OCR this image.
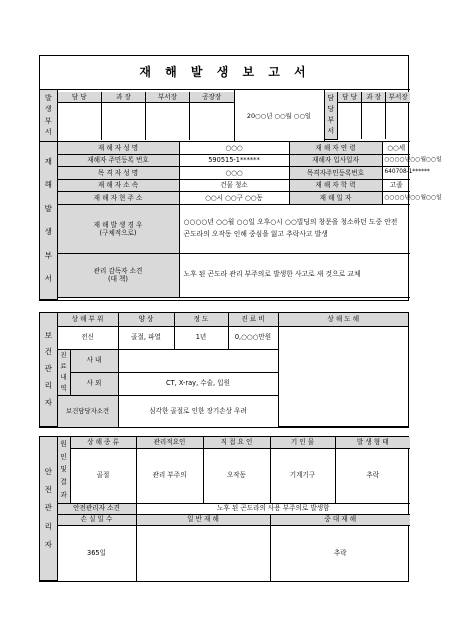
재 해 발 생 보 고 서
발생부서	
담 당	과 장	부서장	공장장

	20○○년 ○○월 ○○일	
담당부서	담 당	과 장	부서장

재해발생부서	재 해 자 성 명	○○○	재 해 자 연 령	○○세
재해자 주민등록 번호	590515-1******	재해자 입사일자	○○○○년○○월○○일
목 격 자 성 명	○○○	목격자주민등록번호	640708-1******
재 해 자 소 속	건물 청소	재 해 자 학 력	고졸
재 해 자 현 주 소	○○시 ○○구 ○○동	재 해 일 자	○○○○년○○월○○일

재 해 발 생 경 우
(구체적으로)
	○○○○년 ○○월 ○○일 오후○시 ○○빌딩의 창문을 청소하던 도중 안전 곤도라의 오작동 인해 중심을 잃고 추락사고 발생

관리 감독자 소견
(대 책)
	노후 된 곤도라 관리 부주의로 발생한 사고로 새 것으로 교체

보건관리자	상 해 부 위		양 상	정 도	진 료 비	상 해 도 해
	전신		골절, 파열	1년	0,○○○만원	
	진료내역	사 내				
		사 외	CT, X-ray, 수술, 입원			
	보건담당자소견		심각한 골절로 인한 장기손상 우려			
안전관리자	원인및결과	상 해 종 류	관리적요인	직 접 요 인	기 인 물	발 생 형 태
		골절	관리 부주의	오작동	기계기구	추락
	안전관리자 소견		노후 된 곤도라의 사용 부주의로 발생함			
	손 실 일 수		일 반 재 해		중 대 재 해	
	365일				추락	
